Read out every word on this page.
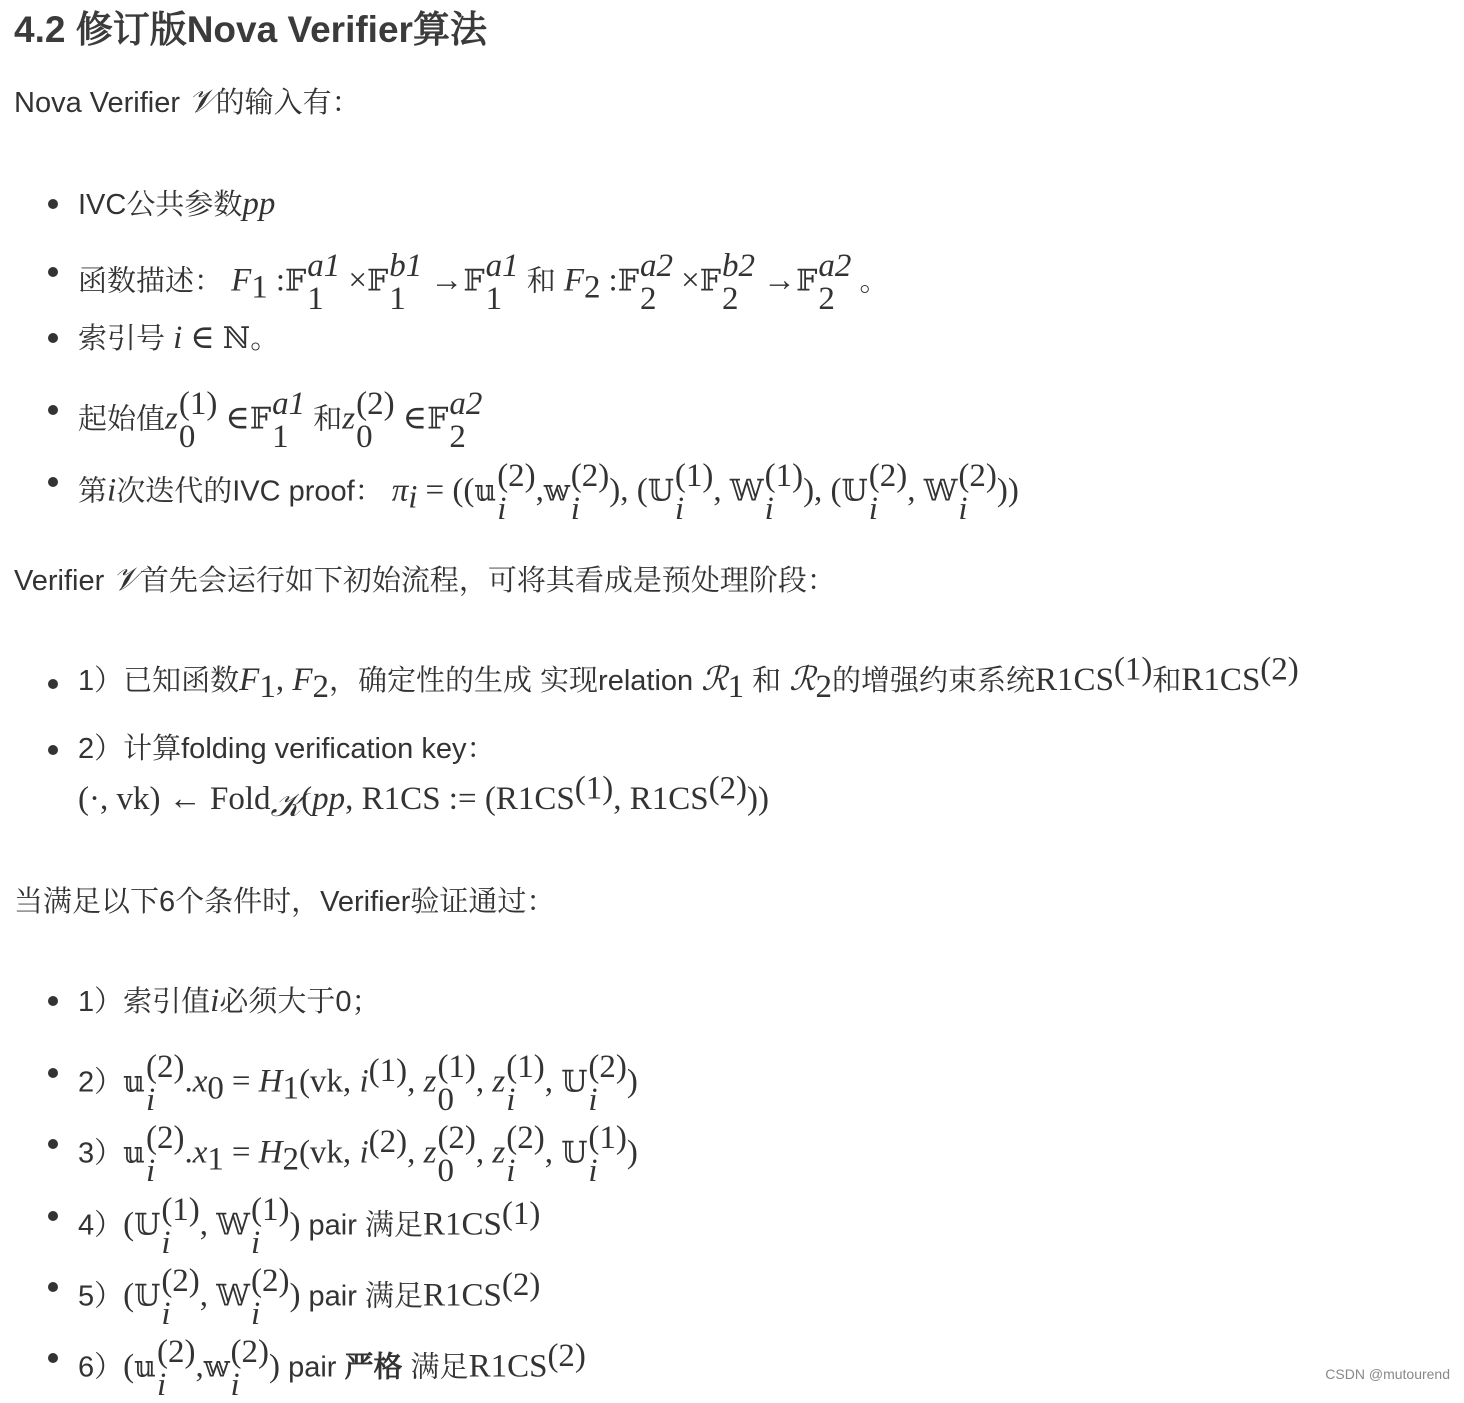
4.2 修订版Nova Verifier算法
Nova Verifier 𝒱的输入有：
IVC公共参数pp
函数描述： $F_1$ :𝔽 a1
1
×𝔽 b1
1
→𝔽 a1
1 和 $F_2$ :𝔽 a2
2
×𝔽 b2
2
→𝔽 a2
2 。
索引号 i ∈ ℕ。
起始值z (1)
0
∈𝔽 a1
1 和z (2)
0
∈𝔽 a2
2
第i次迭代的IVC proof： $\pi_i$ = ((𝕦 (2)
i
,𝕨 (2)
i
), (𝕌 (1)
i
, 𝕎 (1)
i
), (𝕌 (2)
i
, 𝕎 (2)
i
))
Verifier 𝒱首先会运行如下初始流程，可将其看成是预处理阶段：
1）已知函数$F_1$, $F_2$，确定性的生成 实现relation ℛ$_1$ 和 ℛ$_2$的增强约束系统R1CS$^{(1)}$和R1CS$^{(2)}$
2）计算folding verification key：
(·, vk) ← Fold$_𝒦$(pp, R1CS := ($R1CS^{(1)}$, R1CS$^{(2)}$))
当满足以下6个条件时，Verifier验证通过：
1）索引值i必须大于0；
2）𝕦 (2)
i
$.x_0 = H_1(vk$, $i^{(1)}$, z (1)
0
, z (1)
i
, 𝕌 (2)
i
)
3）𝕦 (2)
i
$.x_1 = H_2(vk$, $i^{(2)}$, z (2)
0
, z (2)
i
, 𝕌 (1)
i
)
4）(𝕌 (1)
i
, 𝕎 (1)
i
) pair 满足R1CS$^{(1)}$
5）(𝕌 (2)
i
, 𝕎 (2)
i
) pair 满足R1CS$^{(2)}$
6）(𝕦 (2)
i
,𝕨 (2)
i
) pair 严格 满足R1CS$^{(2)}$	CSDN @mutourend
